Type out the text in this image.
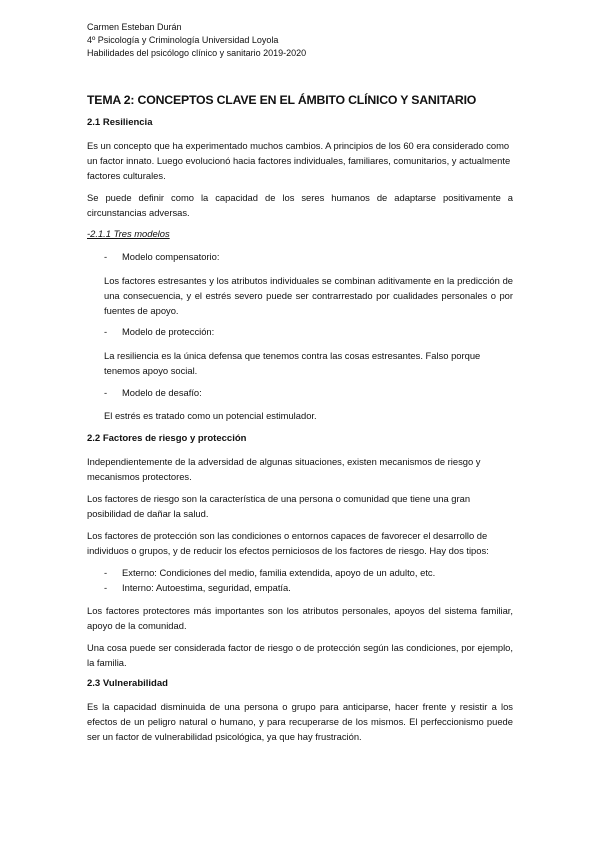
Carmen Esteban Durán

4º Psicología y Criminología Universidad Loyola

Habilidades del psicólogo clínico y sanitario 2019-2020

TEMA 2: CONCEPTOS CLAVE EN EL ÁMBITO CLÍNICO Y SANITARIO
2.1 Resiliencia

Es un concepto que ha experimentado muchos cambios. A principios de los 60 era considerado como un factor innato. Luego evolucionó hacia factores individuales, familiares, comunitarios, y actualmente factores culturales.

Se puede definir como la capacidad de los seres humanos de adaptarse positivamente a circunstancias adversas.

-2.1.1 Tres modelos

- Modelo compensatorio:

Los factores estresantes y los atributos individuales se combinan aditivamente en la predicción de una consecuencia, y el estrés severo puede ser contrarrestado por cualidades personales o por fuentes de apoyo.

- Modelo de protección:

La resiliencia es la única defensa que tenemos contra las cosas estresantes. Falso porque tenemos apoyo social.

- Modelo de desafío:

El estrés es tratado como un potencial estimulador.

2.2 Factores de riesgo y protección

Independientemente de la adversidad de algunas situaciones, existen mecanismos de riesgo y mecanismos protectores.

Los factores de riesgo son la característica de una persona o comunidad que tiene una gran posibilidad de dañar la salud.

Los factores de protección son las condiciones o entornos capaces de favorecer el desarrollo de individuos o grupos, y de reducir los efectos perniciosos de los factores de riesgo. Hay dos tipos:

- Externo: Condiciones del medio, familia extendida, apoyo de un adulto, etc.
- Interno: Autoestima, seguridad, empatía.

Los factores protectores más importantes son los atributos personales, apoyos del sistema familiar, apoyo de la comunidad.

Una cosa puede ser considerada factor de riesgo o de protección según las condiciones, por ejemplo, la familia.

2.3 Vulnerabilidad

Es la capacidad disminuida de una persona o grupo para anticiparse, hacer frente y resistir a los efectos de un peligro natural o humano, y para recuperarse de los mismos. El perfeccionismo puede ser un factor de vulnerabilidad psicológica, ya que hay frustración.
